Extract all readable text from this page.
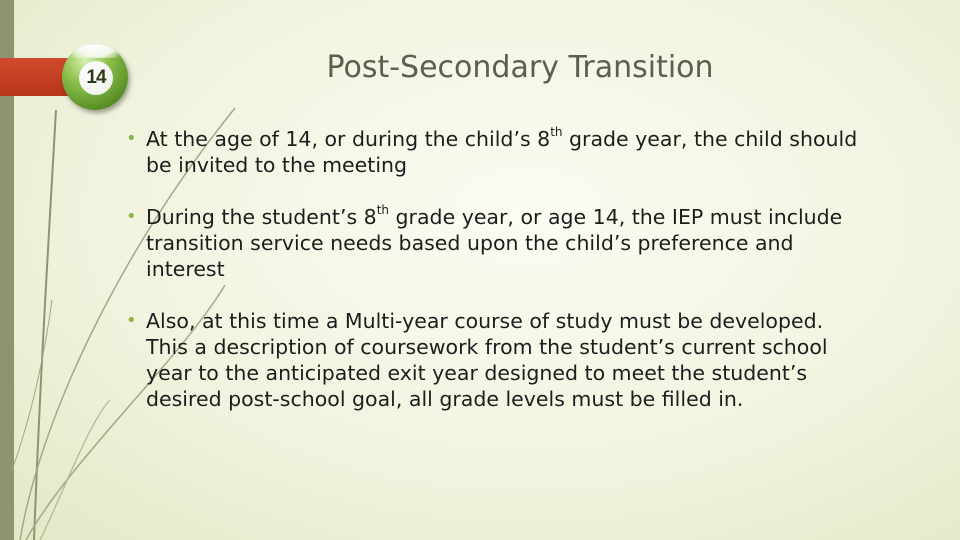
14	Post-Secondary Transition
• At the age of 14, or during the child’s 8th grade year, the child should be invited to the meeting
• During the student’s 8th grade year, or age 14, the IEP must include transition service needs based upon the child’s preference and interest
• Also, at this time a Multi-year course of study must be developed. This a description of coursework from the student’s current school year to the anticipated exit year designed to meet the student’s desired post-school goal, all grade levels must be filled in.
